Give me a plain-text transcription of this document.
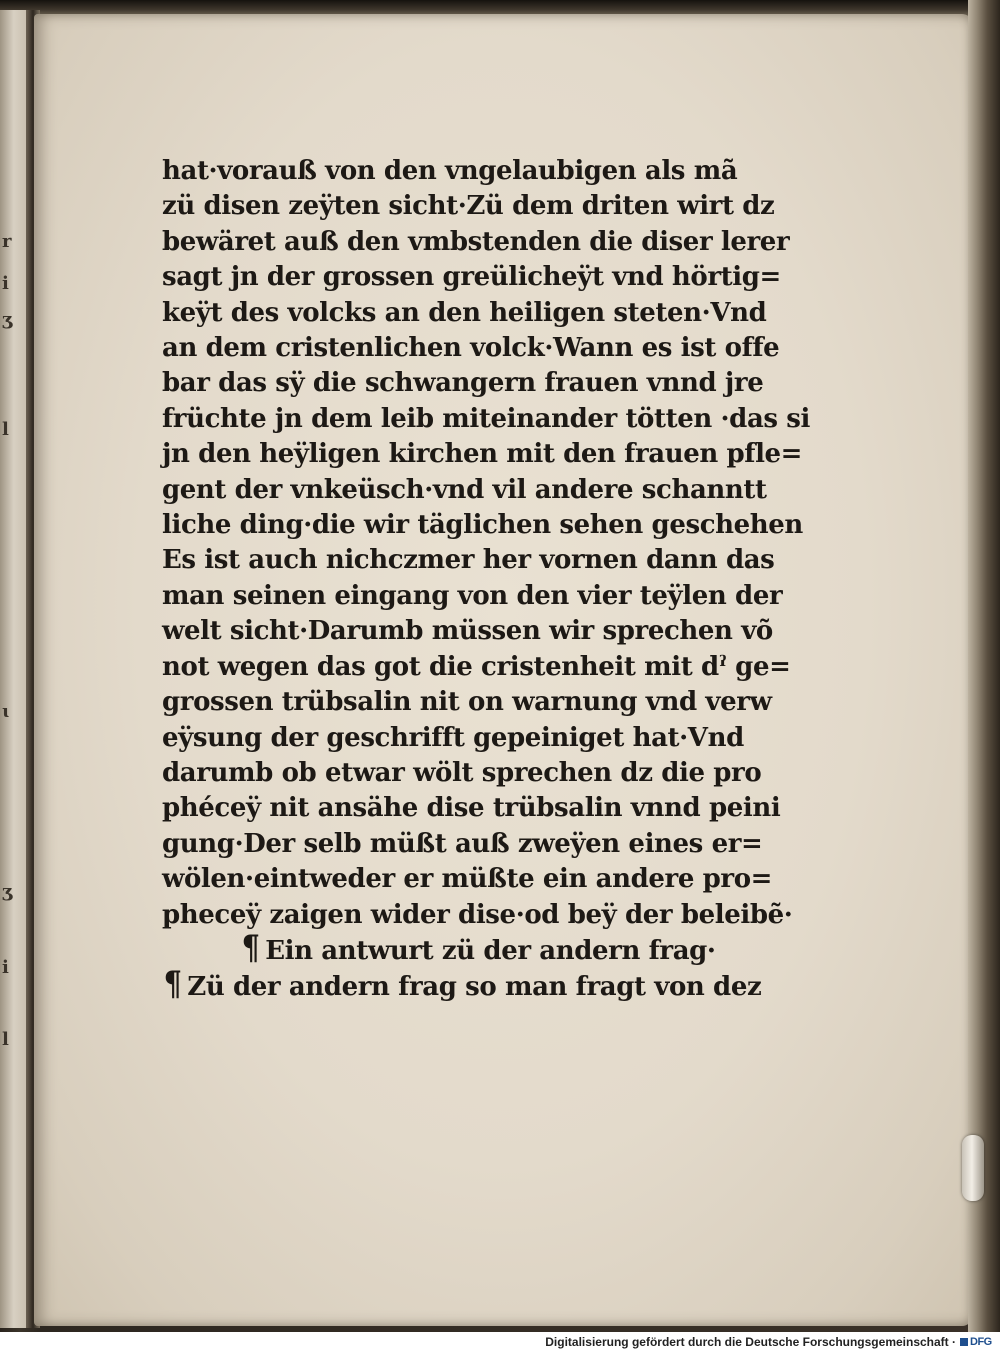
r
i
ʒ
l
ɩ
ʒ
i
l
hat·vorauß von den vngelaubigen als mã
zü disen zeÿten sicht·Zü dem driten wirt dz
bewäret auß den vmbstenden die diser lerer
sagt jn der grossen greülicheÿt vnd hörtig=
keÿt des volcks an den heiligen steten·Vnd
an dem cristenlichen volck·Wann es ist offe
bar das sÿ die schwangern frauen vnnd jre
früchte jn dem leib miteinander tötten ·das si
jn den heÿligen kirchen mit den frauen pfle=
gent der vnkeüsch·vnd vil andere schanntt
liche ding·die wir täglichen sehen geschehen
Es ist auch nichczmer her vornen dann das
man seinen eingang von den vier teÿlen der
welt sicht·Darumb müssen wir sprechen võ
not wegen das got die cristenheit mit dˀ ge=
grossen trübsalin nit on warnung vnd verw
eÿsung der geschrifft gepeiniget hat·Vnd
darumb ob etwar wölt sprechen dz die pro
phéceÿ nit ansähe dise trübsalin vnnd peini
gung·Der selb müßt auß zweÿen eines er=
wölen·eintweder er müßte ein andere pro=
pheceÿ zaigen wider dise·od beÿ der beleibẽ·
¶ Ein antwurt zü der andern frag·
¶ Zü der andern frag so man fragt von dez
Digitalisierung gefördert durch die Deutsche Forschungsgemeinschaft ·	DFG
